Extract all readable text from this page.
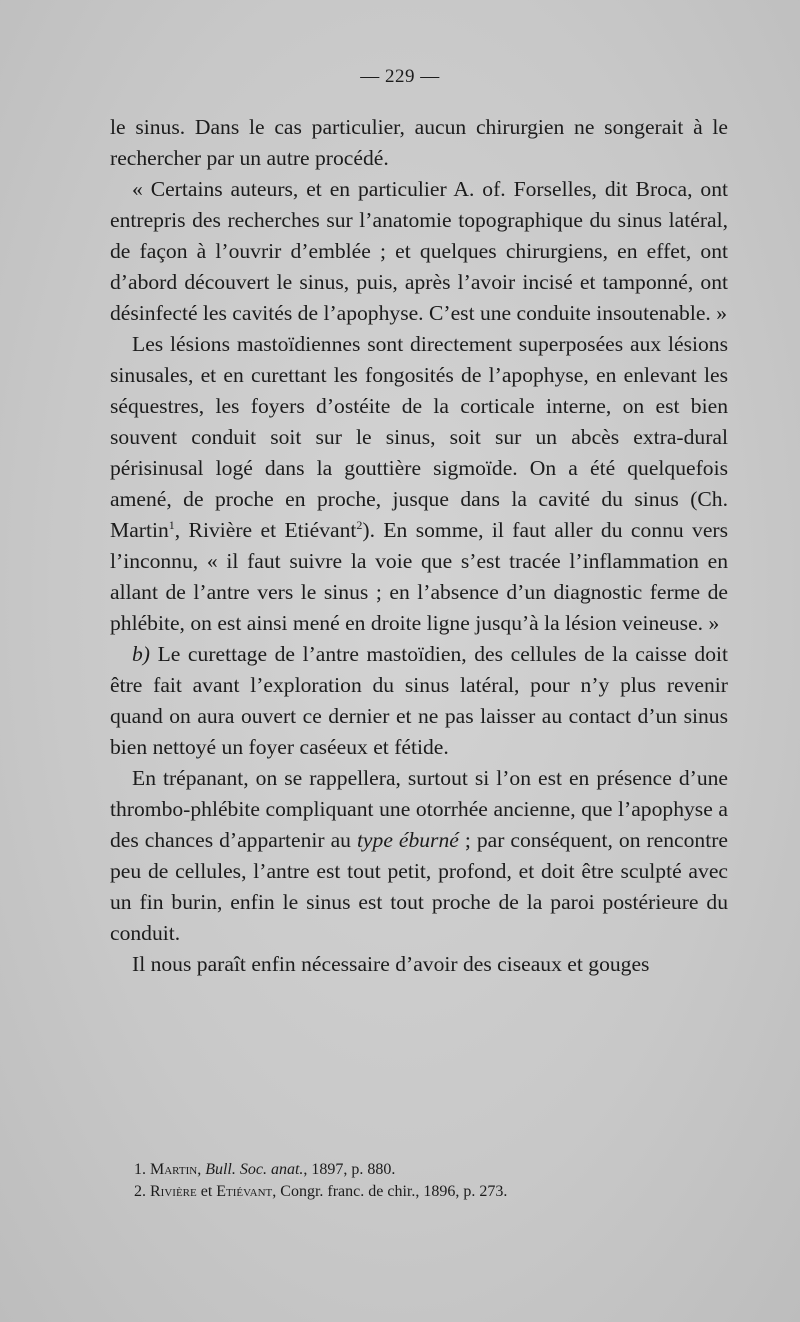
— 229 —

le sinus. Dans le cas particulier, aucun chirurgien ne songerait à le rechercher par un autre procédé.

« Certains auteurs, et en particulier A. of. Forselles, dit Broca, ont entrepris des recherches sur l’anatomie topographique du sinus latéral, de façon à l’ouvrir d’emblée ; et quelques chirurgiens, en effet, ont d’abord découvert le sinus, puis, après l’avoir incisé et tamponné, ont désinfecté les cavités de l’apophyse. C’est une conduite insoutenable. »

Les lésions mastoïdiennes sont directement superposées aux lésions sinusales, et en curettant les fongosités de l’apophyse, en enlevant les séquestres, les foyers d’ostéite de la corticale interne, on est bien souvent conduit soit sur le sinus, soit sur un abcès extra-dural périsinusal logé dans la gouttière sigmoïde. On a été quelquefois amené, de proche en proche, jusque dans la cavité du sinus (Ch. Martin$^1$, Rivière et Etiévant$^2$). En somme, il faut aller du connu vers l’inconnu, « il faut suivre la voie que s’est tracée l’inflammation en allant de l’antre vers le sinus ; en l’absence d’un diagnostic ferme de phlébite, on est ainsi mené en droite ligne jusqu’à la lésion veineuse. »

b) Le curettage de l’antre mastoïdien, des cellules de la caisse doit être fait avant l’exploration du sinus latéral, pour n’y plus revenir quand on aura ouvert ce dernier et ne pas laisser au contact d’un sinus bien nettoyé un foyer caséeux et fétide.

En trépanant, on se rappellera, surtout si l’on est en présence d’une thrombo-phlébite compliquant une otorrhée ancienne, que l’apophyse a des chances d’appartenir au type éburné ; par conséquent, on rencontre peu de cellules, l’antre est tout petit, profond, et doit être sculpté avec un fin burin, enfin le sinus est tout proche de la paroi postérieure du conduit.

Il nous paraît enfin nécessaire d’avoir des ciseaux et gouges

1. Martin, Bull. Soc. anat., 1897, p. 880.
2. Rivière et Etiévant, Congr. franc. de chir., 1896, p. 273.
